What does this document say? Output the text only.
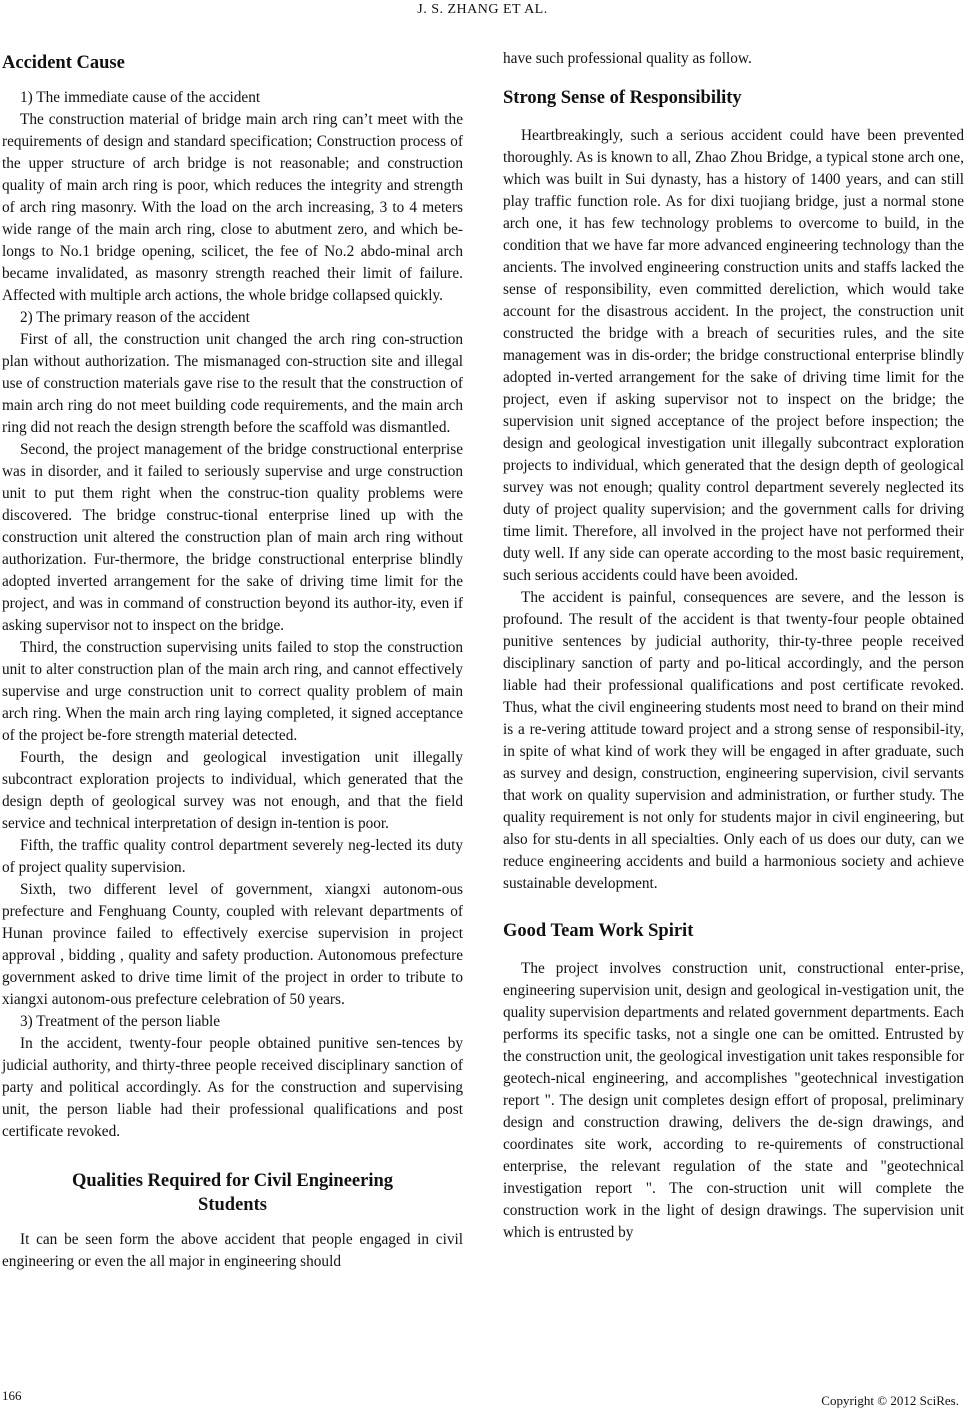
J. S. ZHANG ET AL.
Accident Cause

1) The immediate cause of the accident

The construction material of bridge main arch ring can’t meet with the requirements of design and standard specification; Construction process of the upper structure of arch bridge is not reasonable; and construction quality of main arch ring is poor, which reduces the integrity and strength of arch ring masonry. With the load on the arch increasing, 3 to 4 meters wide range of the main arch ring, close to abutment zero, and which be-longs to No.1 bridge opening, scilicet, the fee of No.2 abdo-minal arch became invalidated, as masonry strength reached their limit of failure. Affected with multiple arch actions, the whole bridge collapsed quickly.

2) The primary reason of the accident

First of all, the construction unit changed the arch ring con-struction plan without authorization. The mismanaged con-struction site and illegal use of construction materials gave rise to the result that the construction of main arch ring do not meet building code requirements, and the main arch ring did not reach the design strength before the scaffold was dismantled.

Second, the project management of the bridge constructional enterprise was in disorder, and it failed to seriously supervise and urge construction unit to put them right when the construc-tion quality problems were discovered. The bridge construc-tional enterprise lined up with the construction unit altered the construction plan of main arch ring without authorization. Fur-thermore, the bridge constructional enterprise blindly adopted inverted arrangement for the sake of driving time limit for the project, and was in command of construction beyond its author-ity, even if asking supervisor not to inspect on the bridge.

Third, the construction supervising units failed to stop the construction unit to alter construction plan of the main arch ring, and cannot effectively supervise and urge construction unit to correct quality problem of main arch ring. When the main arch ring laying completed, it signed acceptance of the project be-fore strength material detected.

Fourth, the design and geological investigation unit illegally subcontract exploration projects to individual, which generated that the design depth of geological survey was not enough, and that the field service and technical interpretation of design in-tention is poor.

Fifth, the traffic quality control department severely neg-lected its duty of project quality supervision.

Sixth, two different level of government, xiangxi autonom-ous prefecture and Fenghuang County, coupled with relevant departments of Hunan province failed to effectively exercise supervision in project approval , bidding , quality and safety production. Autonomous prefecture government asked to drive time limit of the project in order to tribute to xiangxi autonom-ous prefecture celebration of 50 years.

3) Treatment of the person liable

In the accident, twenty-four people obtained punitive sen-tences by judicial authority, and thirty-three people received disciplinary sanction of party and political accordingly. As for the construction and supervising unit, the person liable had their professional qualifications and post certificate revoked.

Qualities Required for Civil Engineering
Students

It can be seen form the above accident that people engaged in civil engineering or even the all major in engineering should

have such professional quality as follow.

Strong Sense of Responsibility

Heartbreakingly, such a serious accident could have been prevented thoroughly. As is known to all, Zhao Zhou Bridge, a typical stone arch one, which was built in Sui dynasty, has a history of 1400 years, and can still play traffic function role. As for dixi tuojiang bridge, just a normal stone arch one, it has few technology problems to overcome to build, in the condition that we have far more advanced engineering technology than the ancients. The involved engineering construction units and staffs lacked the sense of responsibility, even committed dereliction, which would take account for the disastrous accident. In the project, the construction unit constructed the bridge with a breach of securities rules, and the site management was in dis-order; the bridge constructional enterprise blindly adopted in-verted arrangement for the sake of driving time limit for the project, even if asking supervisor not to inspect on the bridge; the supervision unit signed acceptance of the project before inspection; the design and geological investigation unit illegally subcontract exploration projects to individual, which generated that the design depth of geological survey was not enough; quality control department severely neglected its duty of project quality supervision; and the government calls for driving time limit. Therefore, all involved in the project have not performed their duty well. If any side can operate according to the most basic requirement, such serious accidents could have been avoided.

The accident is painful, consequences are severe, and the lesson is profound. The result of the accident is that twenty-four people obtained punitive sentences by judicial authority, thir-ty-three people received disciplinary sanction of party and po-litical accordingly, and the person liable had their professional qualifications and post certificate revoked. Thus, what the civil engineering students most need to brand on their mind is a re-vering attitude toward project and a strong sense of responsibil-ity, in spite of what kind of work they will be engaged in after graduate, such as survey and design, construction, engineering supervision, civil servants that work on quality supervision and administration, or further study. The quality requirement is not only for students major in civil engineering, but also for stu-dents in all specialties. Only each of us does our duty, can we reduce engineering accidents and build a harmonious society and achieve sustainable development.

Good Team Work Spirit

The project involves construction unit, constructional enter-prise, engineering supervision unit, design and geological in-vestigation unit, the quality supervision departments and related government departments. Each performs its specific tasks, not a single one can be omitted. Entrusted by the construction unit, the geological investigation unit takes responsible for geotech-nical engineering, and accomplishes "geotechnical investigation report ". The design unit completes design effort of proposal, preliminary design and construction drawing, delivers the de-sign drawings, and coordinates site work, according to re-quirements of constructional enterprise, the relevant regulation of the state and "geotechnical investigation report ". The con-struction unit will complete the construction work in the light of design drawings. The supervision unit which is entrusted by

166	Copyright © 2012 SciRes.
